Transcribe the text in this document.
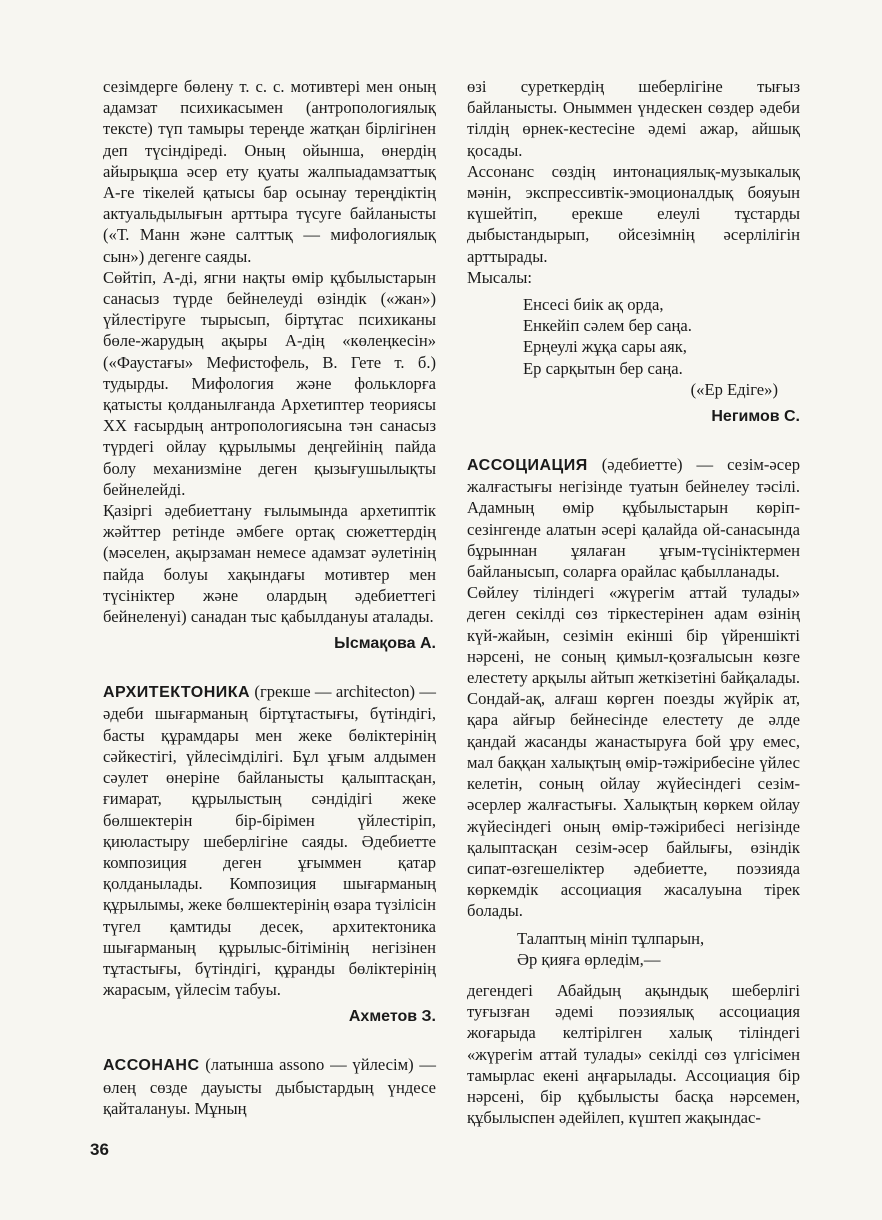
сезімдерге бөлену т. с. с. мотивтері мен оның адамзат психикасымен (антропологиялық тексте) түп тамыры тереңде жатқан бірлігінен деп түсіндіреді. Оның ойынша, өнердің айырықша әсер ету қуаты жалпыадамзаттық А-ге тікелей қатысы бар осынау тереңдіктің актуальдылығын арттыра түсуге байланысты («Т. Манн және салттық — мифологиялық сын») дегенге саяды.

Сөйтіп, А-ді, ягни нақты өмір құбылыстарын санасыз түрде бейнелеуді өзіндік («жан») үйлестіруге тырысып, біртұтас психиканы бөле-жарудың ақыры А-дің «көлеңкесін» («Фаустағы» Мефистофель, В. Гете т. б.) тудырды. Мифология және фольклорға қатысты қолданылғанда Архетиптер теориясы XX ғасырдың антропологиясына тән санасыз түрдегі ойлау құрылымы деңгейінің пайда болу механизміне деген қызығушылықты бейнелейді.

Қазіргі әдебиеттану ғылымында архетиптік жәйттер ретінде әмбеге ортақ сюжеттердің (мәселен, ақырзаман немесе адамзат әулетінің пайда болуы хақындағы мотивтер мен түсініктер және олардың әдебиеттегі бейнеленуі) санадан тыс қабылдануы аталады.

Ысмақова А.

АРХИТЕКТОНИКА (грекше — architecton) — әдеби шығарманың біртұтастығы, бүтіндігі, басты құрамдары мен жеке бөліктерінің сәйкестігі, үйлесімділігі. Бұл ұғым алдымен сәулет өнеріне байланысты қалыптасқан, ғимарат, құрылыстың сәндідігі жеке бөлшектерін бір-бірімен үйлестіріп, қиюластыру шеберлігіне саяды. Әдебиетте композиция деген ұғыммен қатар қолданылады. Композиция шығарманың құрылымы, жеке бөлшектерінің өзара түзілісін түгел қамтиды десек, архитектоника шығарманың құрылыс-бітімінің негізінен тұтастығы, бүтіндігі, құранды бөліктерінің жарасым, үйлесім табуы.

Ахметов З.

АССОНАНС (латынша assono — үйлесім) — өлең сөзде дауысты дыбыстардың үндесе қайталануы. Мұның

өзі суреткердің шеберлігіне тығыз байланысты. Оныммен үндескен сөздер әдеби тілдің өрнек-кестесіне әдемі ажар, айшық қосады.

Ассонанс сөздің интонациялық-музыкалық мәнін, экспрессивтік-эмоционалдық бояуын күшейтіп, ерекше елеулі тұстарды дыбыстандырып, ойсезімнің әсерлілігін арттырады.

Мысалы:

Енсесі биік ақ орда,
Енкейіп сәлем бер саңа.
Ерңеулі жұқа сары аяк,
Ер сарқытын бер саңа.
(«Ер Едіге»)
Негимов С.

АССОЦИАЦИЯ (әдебиетте) — сезім-әсер жалғастығы негізінде туатын бейнелеу тәсілі. Адамның өмір құбылыстарын көріп-сезінгенде алатын әсері қалайда ой-санасында бұрыннан ұялаған ұғым-түсініктермен байланысып, соларға орайлас қабылланады.

Сөйлеу тіліндегі «жүрегім аттай тулады» деген секілді сөз тіркестерінен адам өзінің күй-жайын, сезімін екінші бір үйреншікті нәрсені, не соның қимыл-қозғалысын көзге елестету арқылы айтып жеткізетіні байқалады. Сондай-ақ, алғаш көрген поезды жүйрік ат, қара айғыр бейнесінде елестету де әлде қандай жасанды жанастыруға бой ұру емес, мал баққан халықтың өмір-тәжірибесіне үйлес келетін, соның ойлау жүйесіндегі сезім-әсерлер жалғастығы. Халықтың көркем ойлау жүйесіндегі оның өмір-тәжірибесі негізінде қалыптасқан сезім-әсер байлығы, өзіндік сипат-өзгешеліктер әдебиетте, поэзияда көркемдік ассоциация жасалуына тірек болады.

Талаптың мініп тұлпарын,
Әр қияға өрледім,—

дегендегі Абайдың ақындық шеберлігі туғызған әдемі поэзиялық ассоциация жоғарыда келтірілген халық тіліндегі «жүрегім аттай тулады» секілді сөз үлгісімен тамырлас екені аңғарылады. Ассоциация бір нәрсені, бір құбылысты басқа нәрсемен, құбылыспен әдейілеп, күштеп жақындас-

36
